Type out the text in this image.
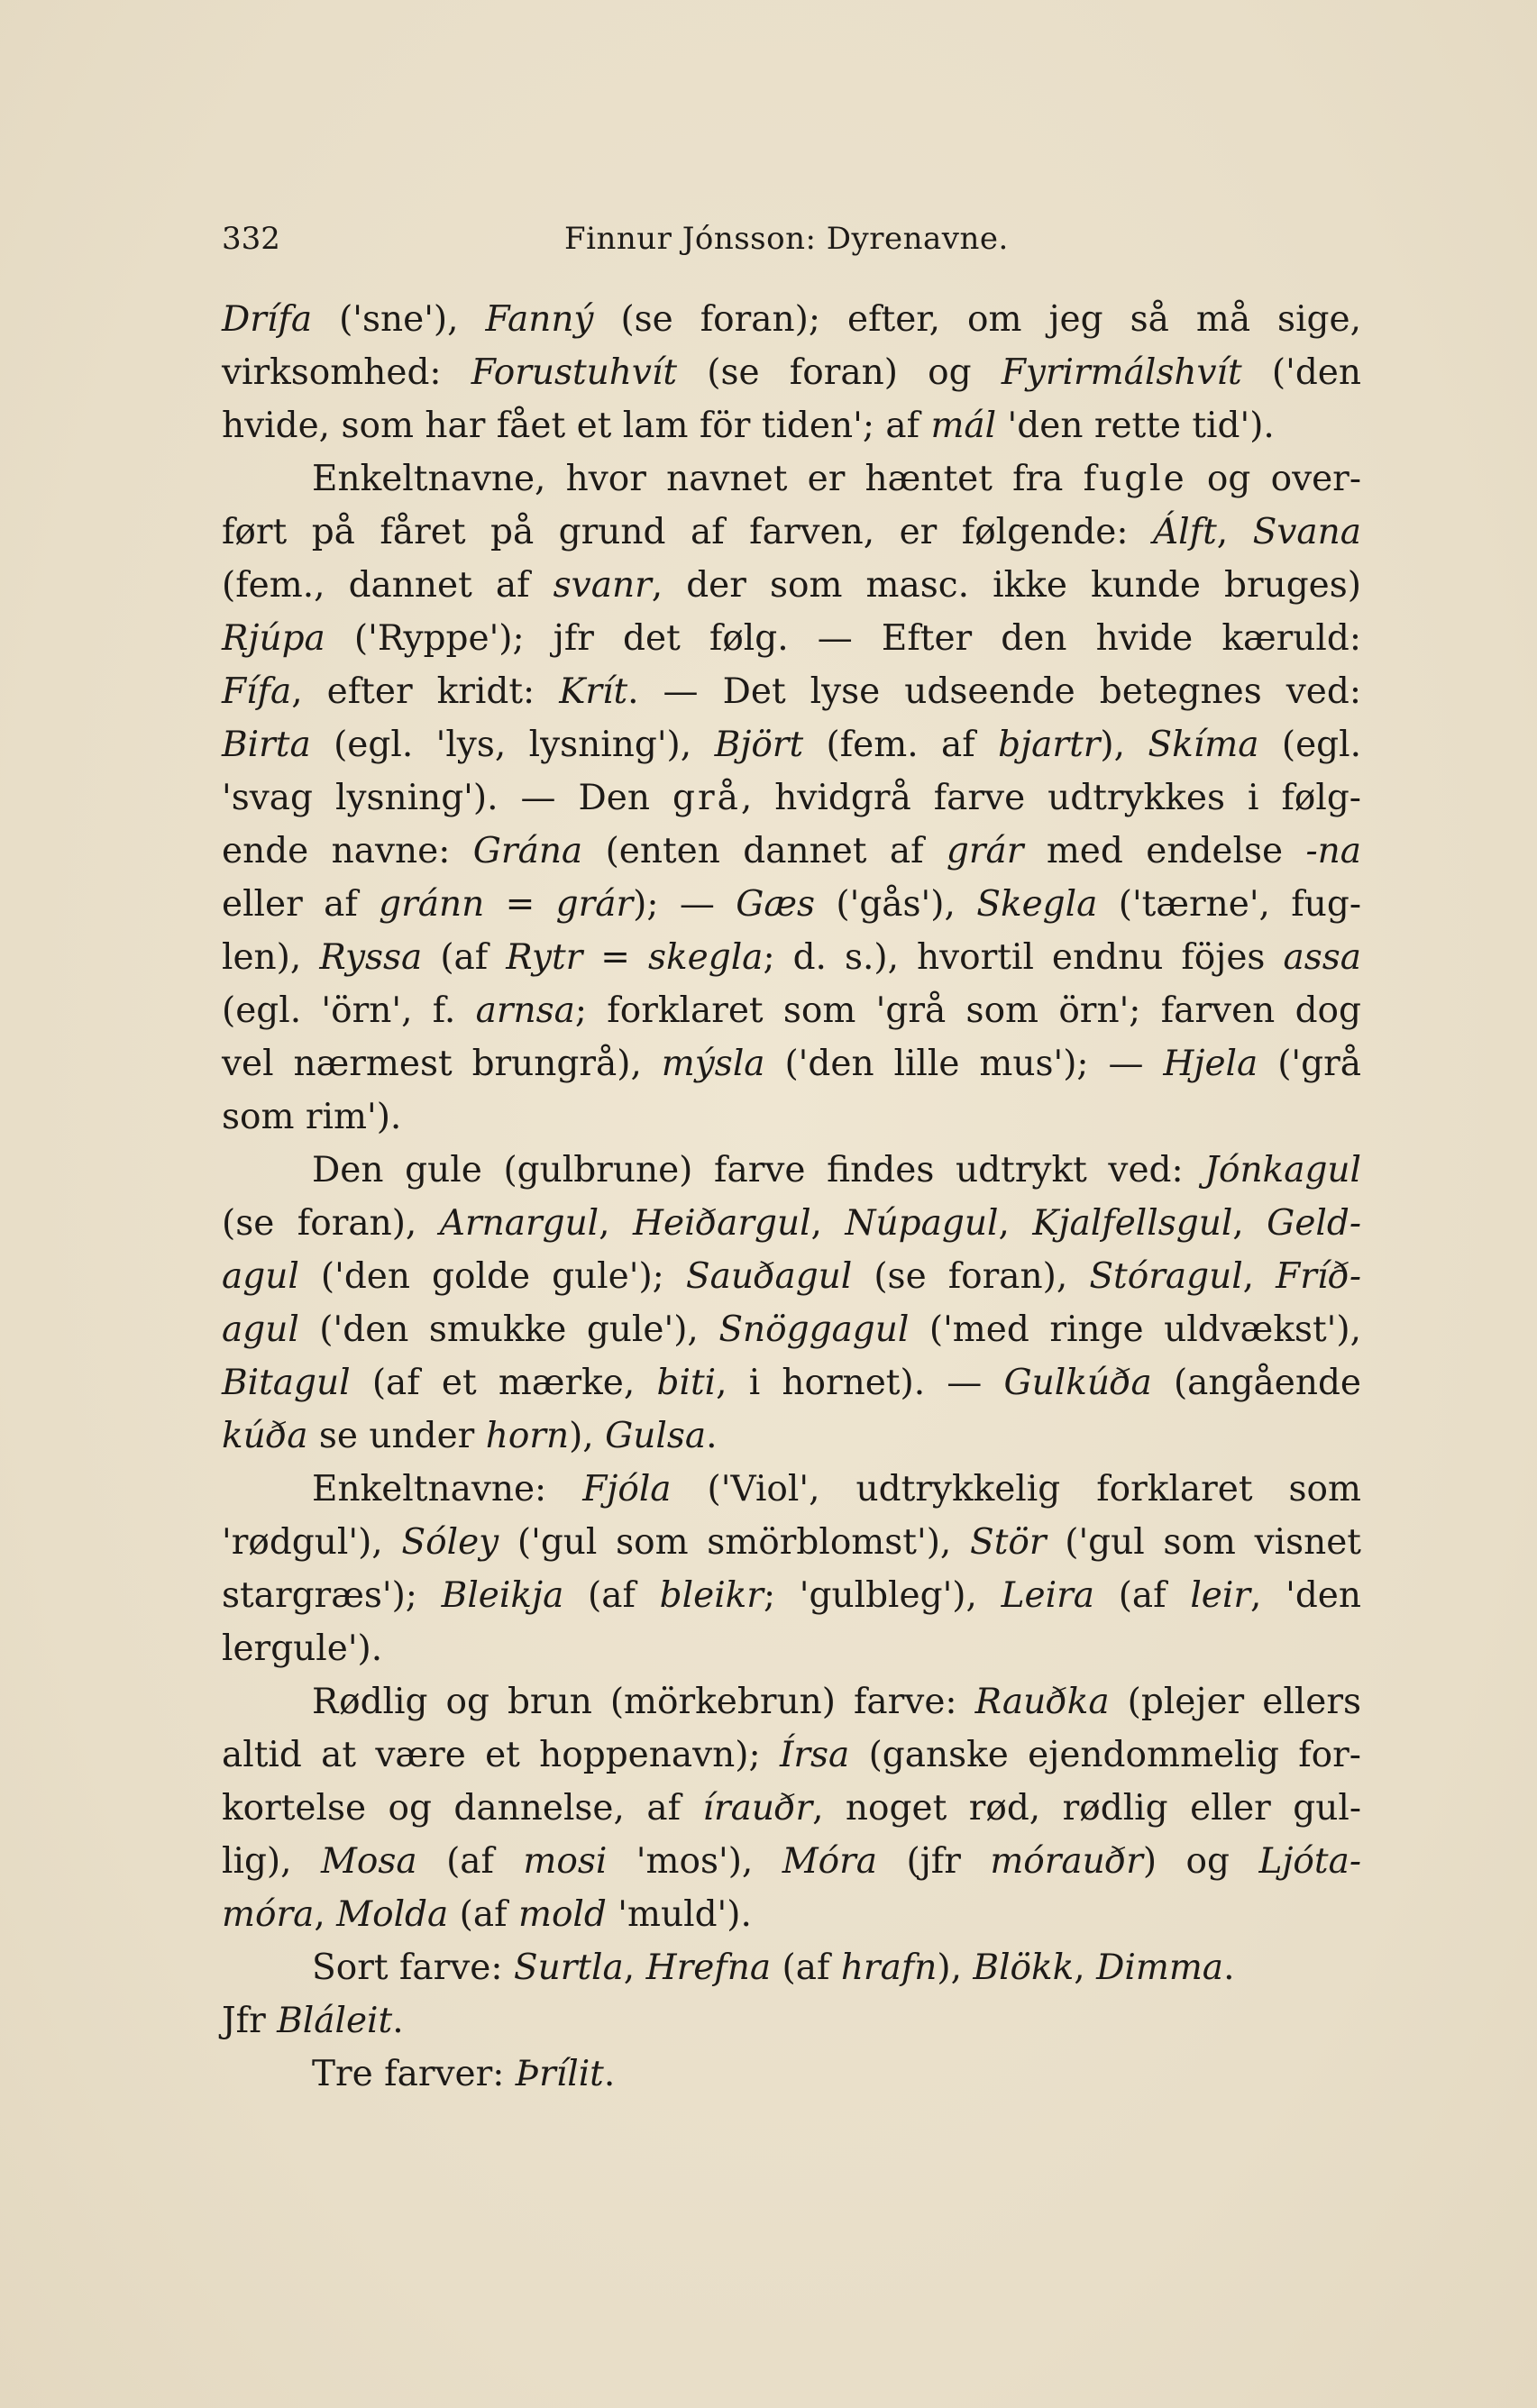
332	Finnur Jónsson: Dyrenavne.
Drífa ('sne'), Fanný (se foran); efter, om jeg så må sige,
virksomhed: Forustuhvít (se foran) og Fyrirmálshvít ('den
hvide, som har fået et lam för tiden'; af mál 'den rette tid').
Enkeltnavne, hvor navnet er hæntet fra fugle og over-
ført på fåret på grund af farven, er følgende: Álft, Svana
(fem., dannet af svanr, der som masc. ikke kunde bruges)
Rjúpa ('Ryppe'); jfr det følg. — Efter den hvide kæruld:
Fífa, efter kridt: Krít. — Det lyse udseende betegnes ved:
Birta (egl. 'lys, lysning'), Björt (fem. af bjartr), Skíma (egl.
'svag lysning'). — Den grå, hvidgrå farve udtrykkes i følg-
ende navne: Grána (enten dannet af grár med endelse -na
eller af gránn = grár); — Gæs ('gås'), Skegla ('tærne', fug-
len), Ryssa (af Rytr = skegla; d. s.), hvortil endnu föjes assa
(egl. 'örn', f. arnsa; forklaret som 'grå som örn'; farven dog
vel nærmest brungrå), mýsla ('den lille mus'); — Hjela ('grå
som rim').
Den gule (gulbrune) farve findes udtrykt ved: Jónkagul
(se foran), Arnargul, Heiðargul, Núpagul, Kjalfellsgul, Geld-
agul ('den golde gule'); Sauðagul (se foran), Stóragul, Fríð-
agul ('den smukke gule'), Snöggagul ('med ringe uldvækst'),
Bitagul (af et mærke, biti, i hornet). — Gulkúða (angående
kúða se under horn), Gulsa.
Enkeltnavne: Fjóla ('Viol', udtrykkelig forklaret som
'rødgul'), Sóley ('gul som smörblomst'), Stör ('gul som visnet
stargræs'); Bleikja (af bleikr; 'gulbleg'), Leira (af leir, 'den
lergule').
Rødlig og brun (mörkebrun) farve: Rauðka (plejer ellers
altid at være et hoppenavn); Írsa (ganske ejendommelig for-
kortelse og dannelse, af írauðr, noget rød, rødlig eller gul-
lig), Mosa (af mosi 'mos'), Móra (jfr mórauðr) og Ljóta-
móra, Molda (af mold 'muld').
Sort farve: Surtla, Hrefna (af hrafn), Blökk, Dimma.
Jfr Bláleit.
Tre farver: Þrílit.
